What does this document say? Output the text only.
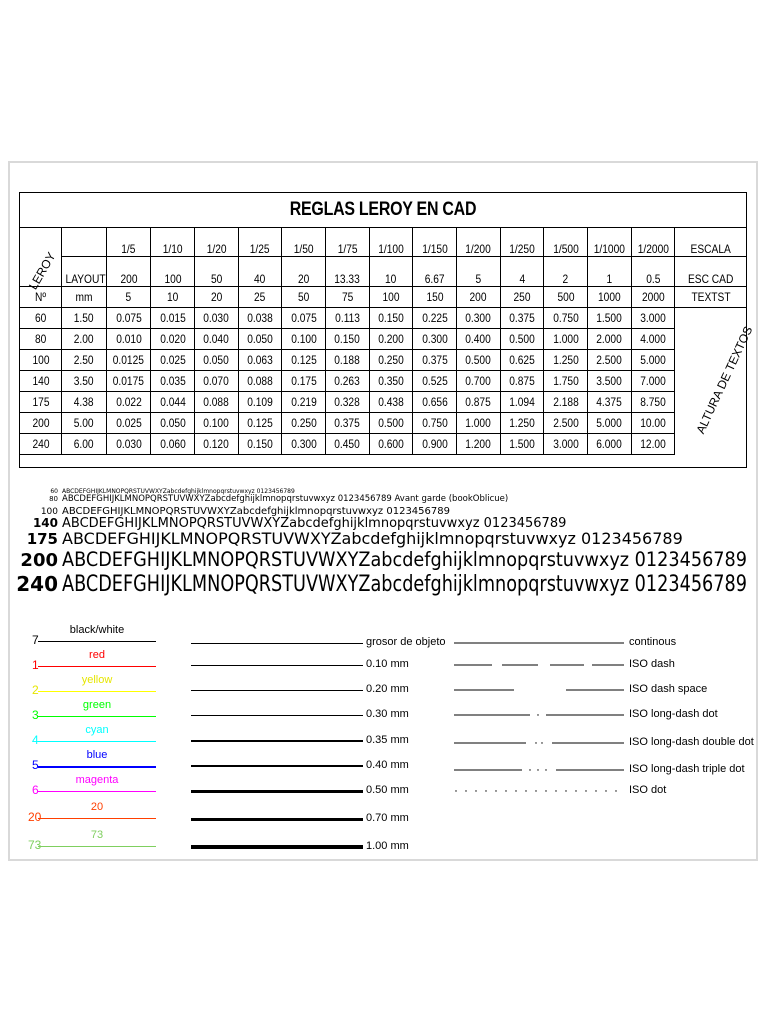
REGLAS LEROY EN CAD
		1/5	1/10	1/20	1/25	1/50	1/75	1/100	1/150	1/200	1/250	1/500	1/1000	1/2000	ESCALA
	LAYOUT	200	100	50	40	20	13.33	10	6.67	5	4	2	1	0.5	ESC CAD
Nº	mm	5	10	20	25	50	75	100	150	200	250	500	1000	2000	TEXTST
60	1.50	0.075	0.015	0.030	0.038	0.075	0.113	0.150	0.225	0.300	0.375	0.750	1.500	3.000	
80	2.00	0.010	0.020	0.040	0.050	0.100	0.150	0.200	0.300	0.400	0.500	1.000	2.000	4.000	
100	2.50	0.0125	0.025	0.050	0.063	0.125	0.188	0.250	0.375	0.500	0.625	1.250	2.500	5.000	
140	3.50	0.0175	0.035	0.070	0.088	0.175	0.263	0.350	0.525	0.700	0.875	1.750	3.500	7.000	
175	4.38	0.022	0.044	0.088	0.109	0.219	0.328	0.438	0.656	0.875	1.094	2.188	4.375	8.750	
200	5.00	0.025	0.050	0.100	0.125	0.250	0.375	0.500	0.750	1.000	1.250	2.500	5.000	10.00	
240	6.00	0.030	0.060	0.120	0.150	0.300	0.450	0.600	0.900	1.200	1.500	3.000	6.000	12.00	
LEROY
ALTURA DE TEXTOS
60 ABCDEFGHIJKLMNOPQRSTUVWXYZabcdefghijklmnopqrstuvwxyz 0123456789
80 ABCDEFGHIJKLMNOPQRSTUVWXYZabcdefghijklmnopqrstuvwxyz 0123456789 Avant garde (bookOblicue)
100 ABCDEFGHIJKLMNOPQRSTUVWXYZabcdefghijklmnopqrstuvwxyz 0123456789
140 ABCDEFGHIJKLMNOPQRSTUVWXYZabcdefghijklmnopqrstuvwxyz 0123456789
175 ABCDEFGHIJKLMNOPQRSTUVWXYZabcdefghijklmnopqrstuvwxyz 0123456789
200 ABCDEFGHIJKLMNOPQRSTUVWXYZabcdefghijklmnopqrstuvwxyz 0123456789
240 ABCDEFGHIJKLMNOPQRSTUVWXYZabcdefghijklmnopqrstuvwxyz 0123456789
7
black/white
1
red
2
yellow
3
green
4
cyan
5
blue
6
magenta
20
20
73
73
grosor de objeto
0.10 mm
0.20 mm
0.30 mm
0.35 mm
0.40 mm
0.50 mm
0.70 mm
1.00 mm
continous
ISO dash
ISO dash space
ISO long-dash dot
ISO long-dash double dot
ISO long-dash triple dot
ISO dot
